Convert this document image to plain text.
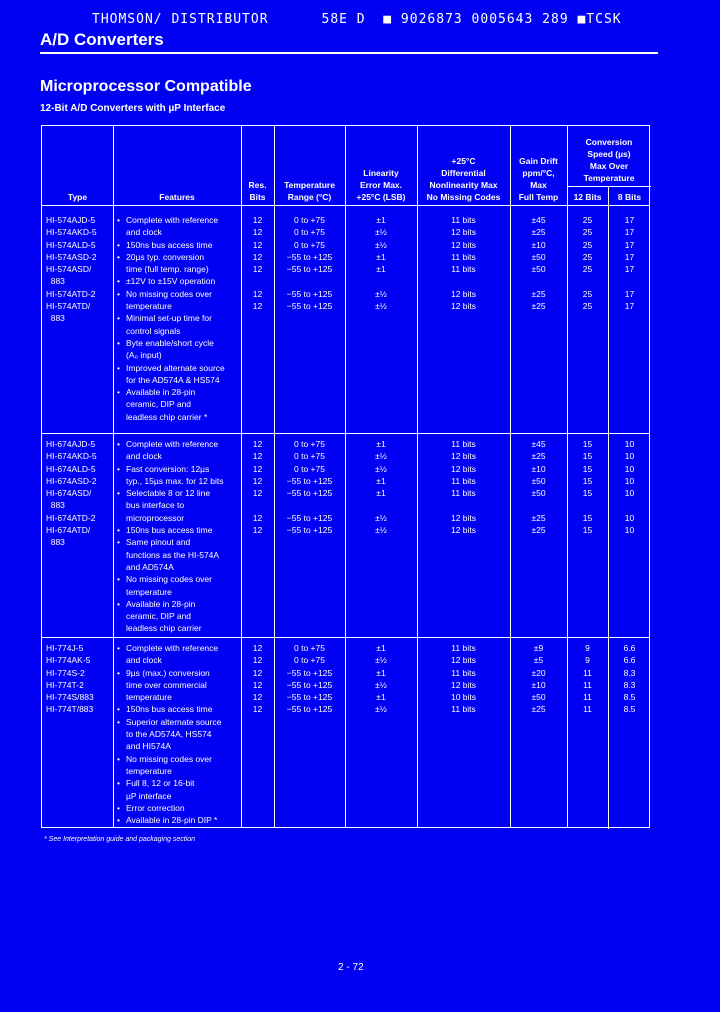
THOMSON/ DISTRIBUTOR      58E D  ■ 9026873 0005643 289 ■TCSK
A/D Converters
Microprocessor Compatible
12-Bit A/D Converters with µP Interface
Type	Features
Res.
Bits
Temperature
Range (°C)
Linearity
Error Max.
+25°C (LSB)
+25°C
Differential
Nonlinearity Max
No Missing Codes
Gain Drift
ppm/°C,
Max
Full Temp
Conversion
Speed (µs)
Max Over
Temperature
12 Bits	8 Bits
HI-574AJD-5
HI-574AKD-5
HI-574ALD-5
HI-574ASD-2
HI-574ASD/
883
HI-574ATD-2
HI-574ATD/
883
12
12
12
12
12
12
12
0 to +75
0 to +75
0 to +75
−55 to +125
−55 to +125
−55 to +125
−55 to +125
±1
±½
±½
±1
±1
±½
±½
11 bits
12 bits
12 bits
11 bits
11 bits
12 bits
12 bits
±45
±25
±10
±50
±50
±25
±25
25
25
25
25
25
25
25
17
17
17
17
17
17
17
• Complete with reference
and clock
• 150ns bus access time
• 20µs typ. conversion
time (full temp. range)
• ±12V to ±15V operation
• No missing codes over
temperature
• Minimal set-up time for
control signals
• Byte enable/short cycle
(A₀ input)
• Improved alternate source
for the AD574A & HS574
• Available in 28-pin
ceramic, DIP and
leadless chip carrier *
HI-674AJD-5
HI-674AKD-5
HI-674ALD-5
HI-674ASD-2
HI-674ASD/
883
HI-674ATD-2
HI-674ATD/
883
12
12
12
12
12
12
12
0 to +75
0 to +75
0 to +75
−55 to +125
−55 to +125
−55 to +125
−55 to +125
±1
±½
±½
±1
±1
±½
±½
11 bits
12 bits
12 bits
11 bits
11 bits
12 bits
12 bits
±45
±25
±10
±50
±50
±25
±25
15
15
15
15
15
15
15
10
10
10
10
10
10
10
• Complete with reference
and clock
• Fast conversion: 12µs
typ., 15µs max. for 12 bits
• Selectable 8 or 12 line
bus interface to
microprocessor
• 150ns bus access time
• Same pinout and
functions as the HI-574A
and AD574A
• No missing codes over
temperature
• Available in 28-pin
ceramic, DIP and
leadless chip carrier
HI-774J-5
HI-774AK-5
HI-774S-2
HI-774T-2
HI-774S/883
HI-774T/883
12
12
12
12
12
12
0 to +75
0 to +75
−55 to +125
−55 to +125
−55 to +125
−55 to +125
±1
±½
±1
±½
±1
±½
11 bits
12 bits
11 bits
12 bits
10 bits
11 bits
±9
±5
±20
±10
±50
±25
9
9
11
11
11
11
6.6
6.6
8.3
8.3
8.5
8.5
• Complete with reference
and clock
• 9µs (max.) conversion
time over commercial
temperature
• 150ns bus access time
• Superior alternate source
to the AD574A, HS574
and HI574A
• No missing codes over
temperature
• Full 8, 12 or 16-bit
µP interface
• Error correction
• Available in 28-pin DIP *
* See Interpretation guide and packaging section
2 - 72
